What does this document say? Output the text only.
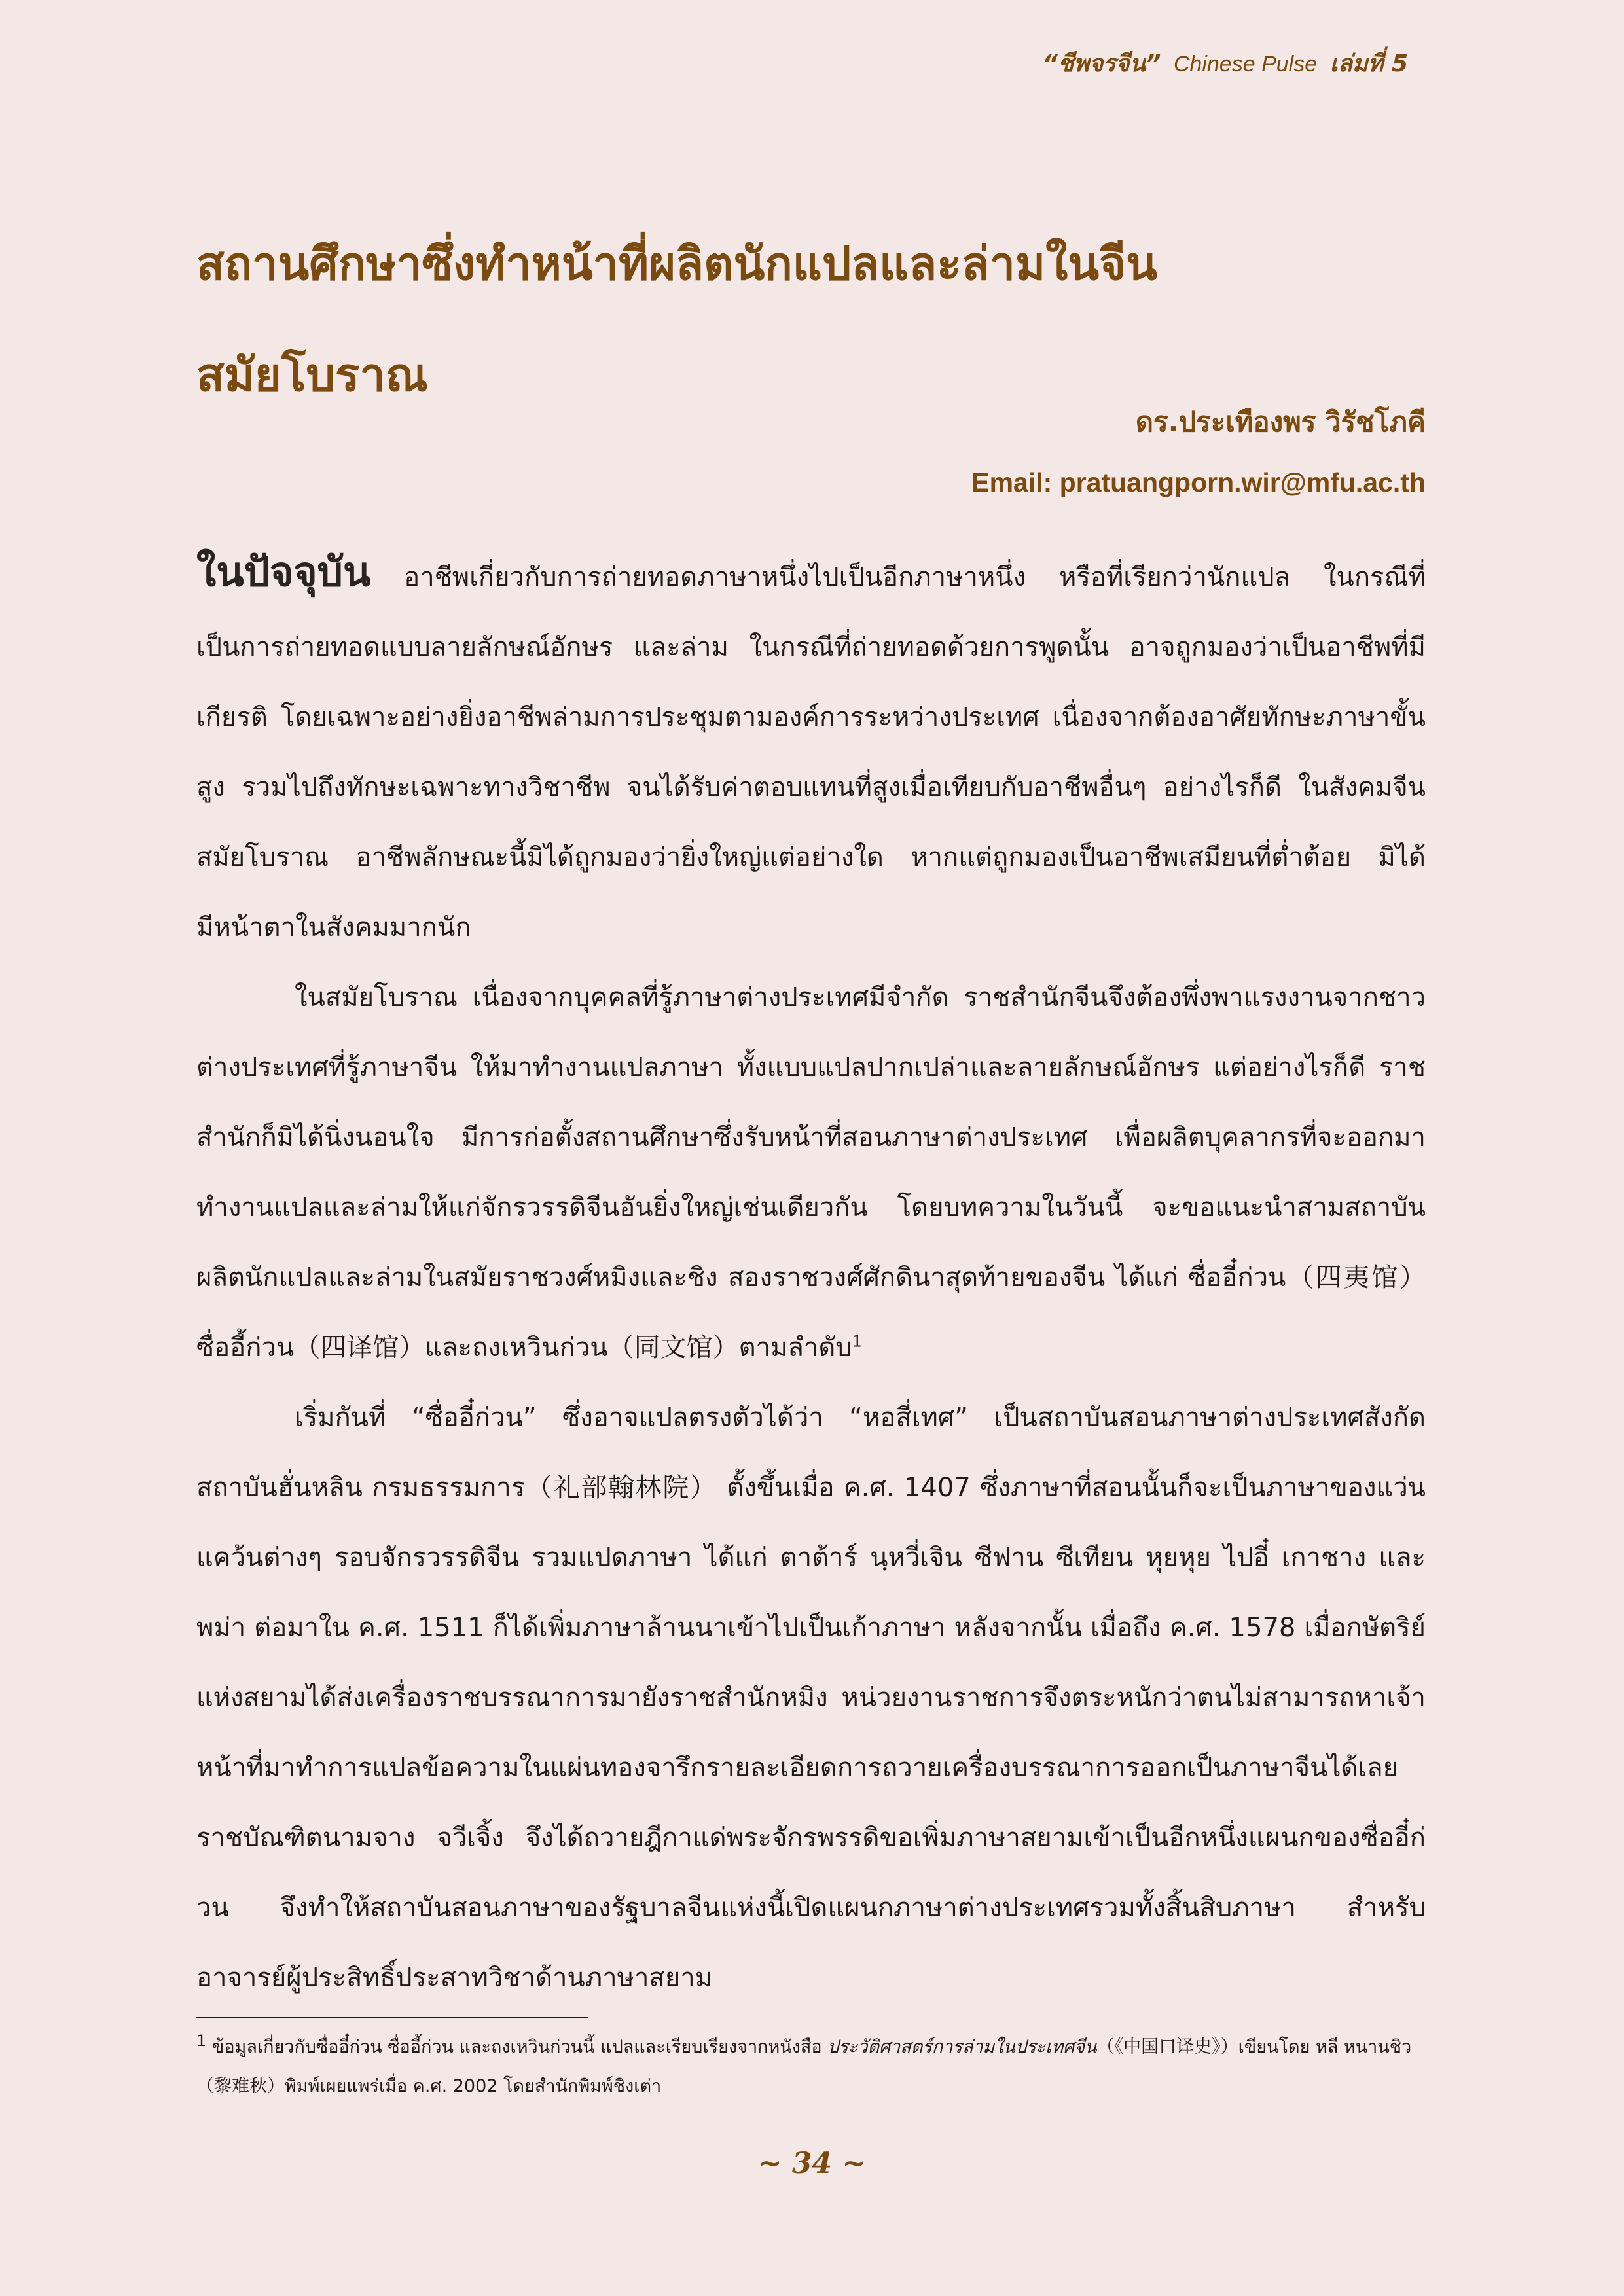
“ชีพจรจีน” Chinese Pulse เล่มที่ 5
สถานศึกษาซึ่งทำหน้าที่ผลิตนักแปลและล่ามในจีน
สมัยโบราณ
ดร.ประเทืองพร วิรัชโภคี
Email: pratuangporn.wir@mfu.ac.th

ในปัจจุบัน อาชีพเกี่ยวกับการถ่ายทอดภาษาหนึ่งไปเป็นอีกภาษาหนึ่ง หรือที่เรียกว่านักแปล ในกรณีที่เป็นการถ่ายทอดแบบลายลักษณ์อักษร และล่าม ในกรณีที่ถ่ายทอดด้วยการพูดนั้น อาจถูกมองว่าเป็นอาชีพที่มีเกียรติ โดยเฉพาะอย่างยิ่งอาชีพล่ามการประชุมตามองค์การระหว่างประเทศ เนื่องจากต้องอาศัยทักษะภาษาขั้นสูง รวมไปถึงทักษะเฉพาะทางวิชาชีพ จนได้รับค่าตอบแทนที่สูงเมื่อเทียบกับอาชีพอื่นๆ อย่างไรก็ดี ในสังคมจีนสมัยโบราณ อาชีพลักษณะนี้มิได้ถูกมองว่ายิ่งใหญ่แต่อย่างใด หากแต่ถูกมองเป็นอาชีพเสมียนที่ต่ำต้อย มิได้มีหน้าตาในสังคมมากนัก

ในสมัยโบราณ เนื่องจากบุคคลที่รู้ภาษาต่างประเทศมีจำกัด ราชสำนักจีนจึงต้องพึ่งพาแรงงานจากชาวต่างประเทศที่รู้ภาษาจีน ให้มาทำงานแปลภาษา ทั้งแบบแปลปากเปล่าและลายลักษณ์อักษร แต่อย่างไรก็ดี ราชสำนักก็มิได้นิ่งนอนใจ มีการก่อตั้งสถานศึกษาซึ่งรับหน้าที่สอนภาษาต่างประเทศ เพื่อผลิตบุคลากรที่จะออกมาทำงานแปลและล่ามให้แก่จักรวรรดิจีนอันยิ่งใหญ่เช่นเดียวกัน โดยบทความในวันนี้ จะขอแนะนำสามสถาบันผลิตนักแปลและล่ามในสมัยราชวงศ์หมิงและชิง สองราชวงศ์ศักดินาสุดท้ายของจีน ได้แก่ ซื่ออี๋ก่วน（四夷馆）ซื่ออี้ก่วน（四译馆）และถงเหวินก่วน（同文馆）ตามลำดับ$^1$

เริ่มกันที่ “ซื่ออี๋ก่วน” ซึ่งอาจแปลตรงตัวได้ว่า “หอสี่เทศ” เป็นสถาบันสอนภาษาต่างประเทศสังกัดสถาบันฮั่นหลิน กรมธรรมการ（礼部翰林院） ตั้งขึ้นเมื่อ ค.ศ. 1407 ซึ่งภาษาที่สอนนั้นก็จะเป็นภาษาของแว่นแคว้นต่างๆ รอบจักรวรรดิจีน รวมแปดภาษา ได้แก่ ตาต้าร์ นฺหวี่เจิน ซีฟาน ซีเทียน หุยหุย ไปอี๋ เกาชาง และพม่า ต่อมาใน ค.ศ. 1511 ก็ได้เพิ่มภาษาล้านนาเข้าไปเป็นเก้าภาษา หลังจากนั้น เมื่อถึง ค.ศ. 1578 เมื่อกษัตริย์แห่งสยามได้ส่งเครื่องราชบรรณาการมายังราชสำนักหมิง หน่วยงานราชการจึงตระหนักว่าตนไม่สามารถหาเจ้าหน้าที่มาทำการแปลข้อความในแผ่นทองจารึกรายละเอียดการถวายเครื่องบรรณาการออกเป็นภาษาจีนได้เลย ราชบัณฑิตนามจาง จวีเจิ้ง จึงได้ถวายฎีกาแด่พระจักรพรรดิขอเพิ่มภาษาสยามเข้าเป็นอีกหนึ่งแผนกของซื่ออี๋ก่วน จึงทำให้สถาบันสอนภาษาของรัฐบาลจีนแห่งนี้เปิดแผนกภาษาต่างประเทศรวมทั้งสิ้นสิบภาษา สำหรับอาจารย์ผู้ประสิทธิ์ประสาทวิชาด้านภาษาสยาม

$^1$ ข้อมูลเกี่ยวกับซื่ออี๋ก่วน ซื่ออี้ก่วน และถงเหวินก่วนนี้ แปลและเรียบเรียงจากหนังสือ ประวัติศาสตร์การล่ามในประเทศจีน（《中国口译史》）เขียนโดย หลี หนานชิว（黎难秋）พิมพ์เผยแพร่เมื่อ ค.ศ. 2002 โดยสำนักพิมพ์ชิงเต่า

~ 34 ~
